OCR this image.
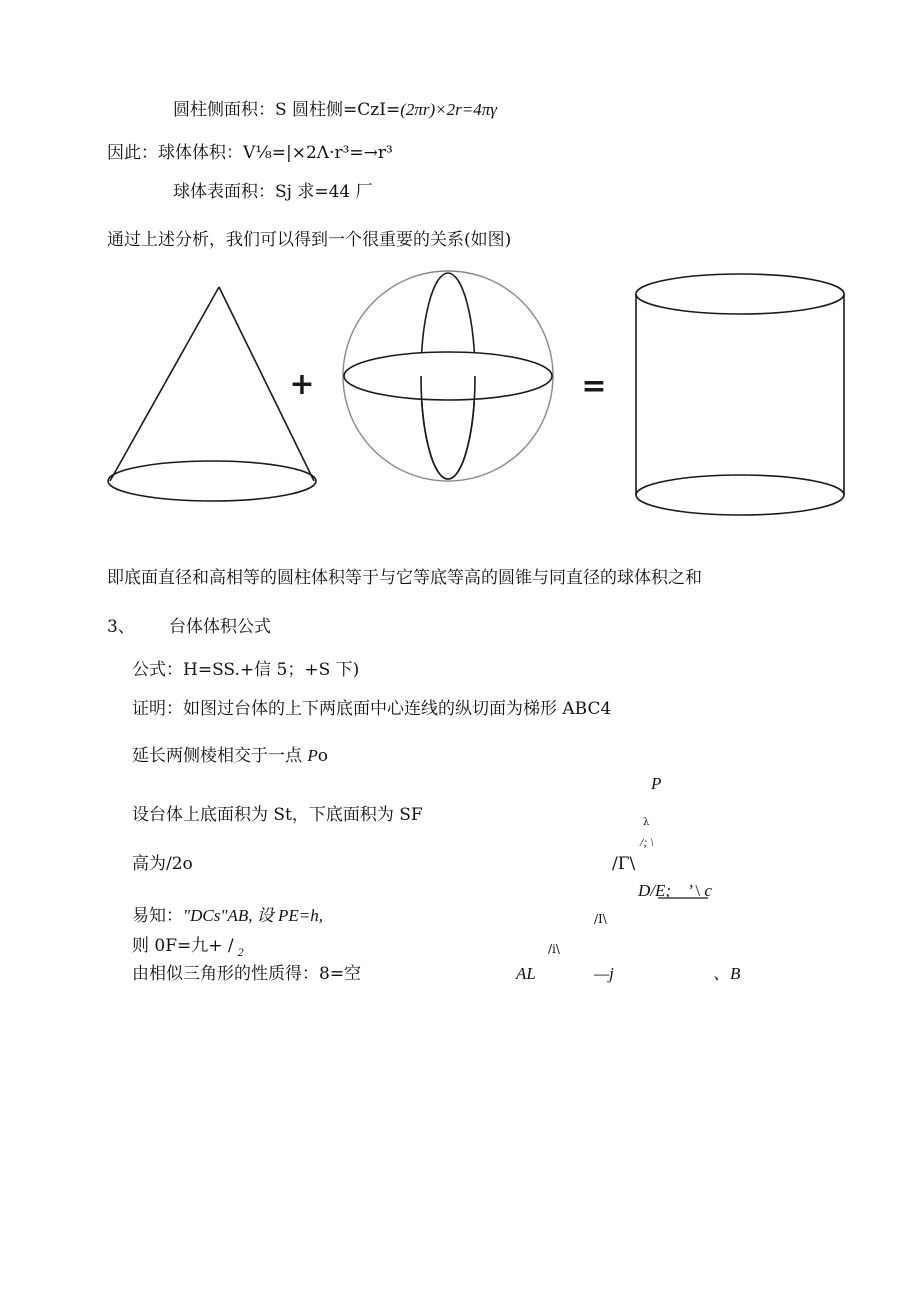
圆柱侧面积：S 圆柱侧=CzI=(2πr)×2r=4πγ
因此：球体体积：V⅛=|×2Λ·r³=→r³
球体表面积：Sj 求=44 厂
通过上述分析，我们可以得到一个很重要的关系(如图)
+	=
即底面直径和高相等的圆柱体积等于与它等底等高的圆锥与同直径的球体积之和
3、 台体体积公式
公式：H=SS.+信 5；+S 下)
证明：如图过台体的上下两底面中心连线的纵切面为梯形 ABC4
延长两侧棱相交于一点 Po
设台体上底面积为 St，下底面积为 SF
高为/2o
易知："DCs"AB, 设 PE=h,
则 0F=九+ / $_2$
由相似三角形的性质得：8=空
P
λ
/; \
/Γ\
D/E; ’ \ c
/I\
/i\
AL	—j	、B
